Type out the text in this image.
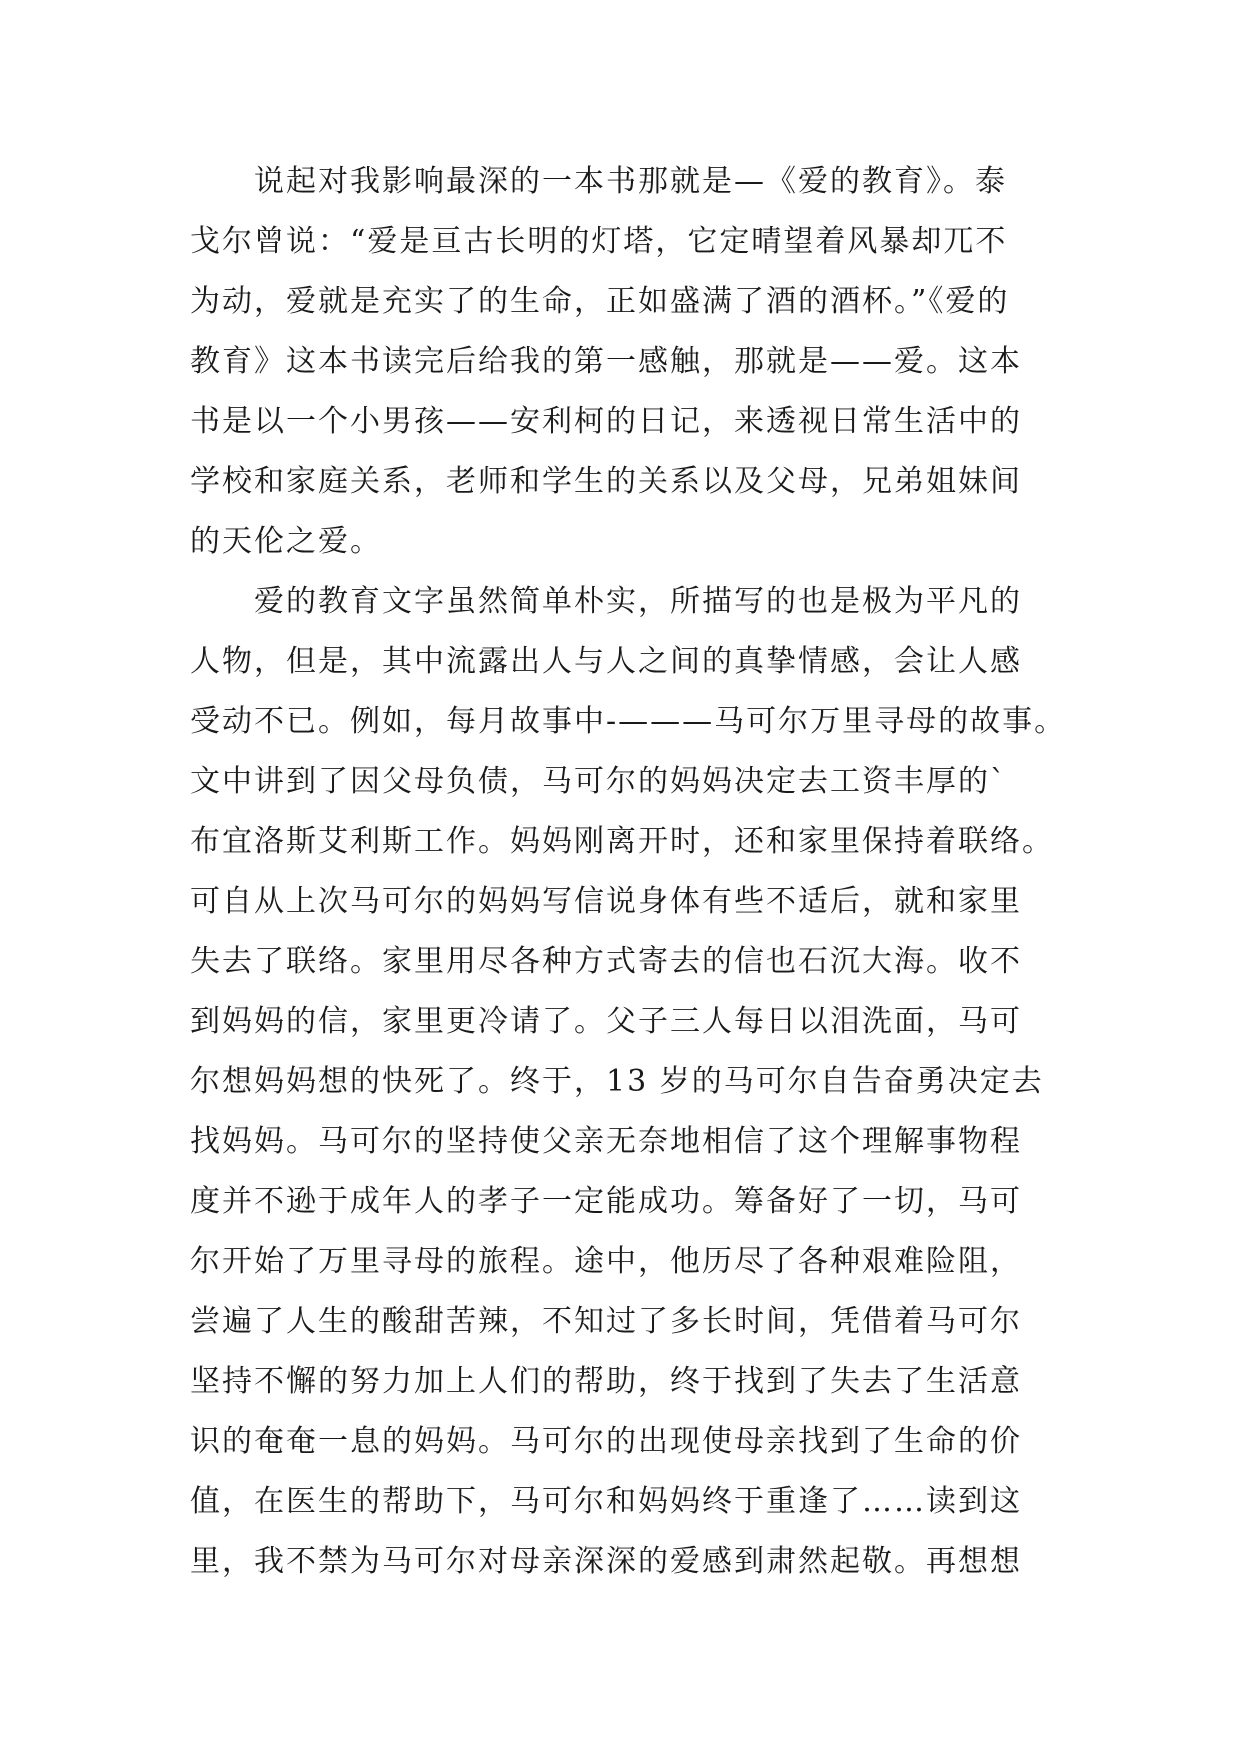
　　说起对我影响最深的一本书那就是—《爱的教育》。泰
戈尔曾说：“爱是亘古长明的灯塔，它定晴望着风暴却兀不
为动，爱就是充实了的生命，正如盛满了酒的酒杯。”《爱的
教育》这本书读完后给我的第一感触，那就是——爱。这本
书是以一个小男孩——安利柯的日记，来透视日常生活中的
学校和家庭关系，老师和学生的关系以及父母，兄弟姐妹间
的天伦之爱。
　　爱的教育文字虽然简单朴实，所描写的也是极为平凡的
人物，但是，其中流露出人与人之间的真挚情感，会让人感
受动不已。例如，每月故事中-———马可尔万里寻母的故事。
文中讲到了因父母负债，马可尔的妈妈决定去工资丰厚的`
布宜洛斯艾利斯工作。妈妈刚离开时，还和家里保持着联络。
可自从上次马可尔的妈妈写信说身体有些不适后，就和家里
失去了联络。家里用尽各种方式寄去的信也石沉大海。收不
到妈妈的信，家里更冷请了。父子三人每日以泪洗面，马可
尔想妈妈想的快死了。终于，13 岁的马可尔自告奋勇决定去
找妈妈。马可尔的坚持使父亲无奈地相信了这个理解事物程
度并不逊于成年人的孝子一定能成功。筹备好了一切，马可
尔开始了万里寻母的旅程。途中，他历尽了各种艰难险阻，
尝遍了人生的酸甜苦辣，不知过了多长时间，凭借着马可尔
坚持不懈的努力加上人们的帮助，终于找到了失去了生活意
识的奄奄一息的妈妈。马可尔的出现使母亲找到了生命的价
值，在医生的帮助下，马可尔和妈妈终于重逢了……读到这
里，我不禁为马可尔对母亲深深的爱感到肃然起敬。再想想
